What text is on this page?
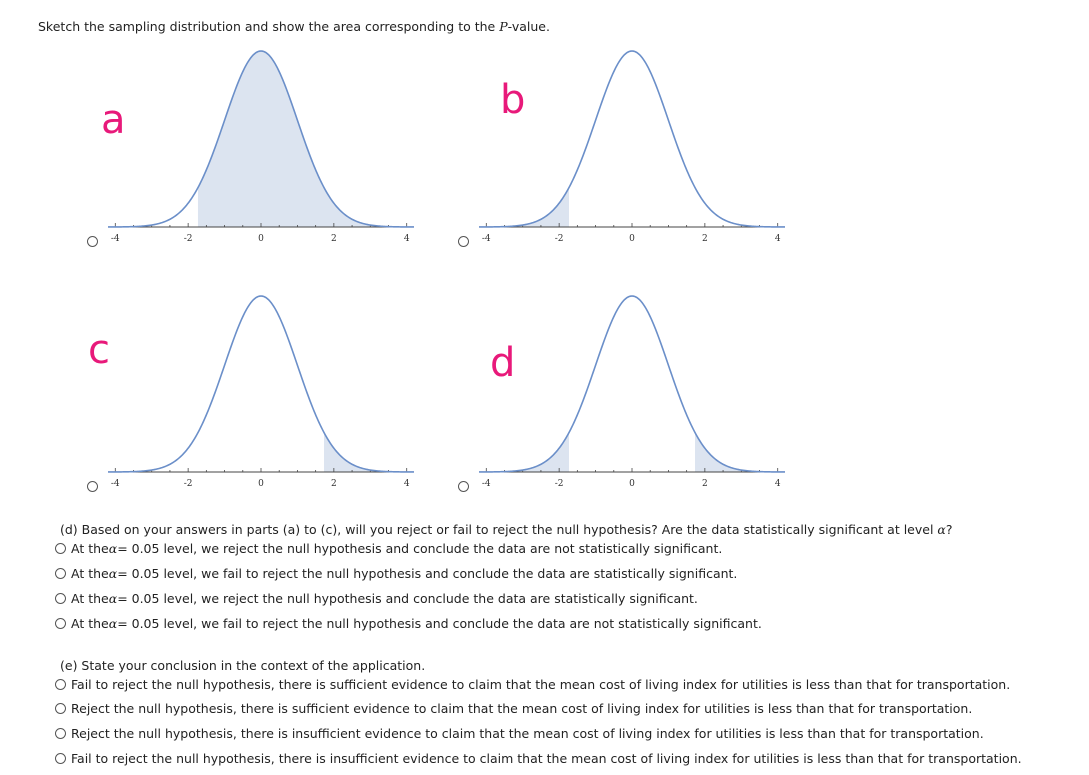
Sketch the sampling distribution and show the area corresponding to the P-value.
a
-4	-2	0	2	4
b
-4	-2	0	2	4
c
-4	-2	0	2	4
d
-4	-2	0	2	4
(d) Based on your answers in parts (a) to (c), will you reject or fail to reject the null hypothesis? Are the data statistically significant at level α?
At the α = 0.05 level, we reject the null hypothesis and conclude the data are not statistically significant.
At the α = 0.05 level, we fail to reject the null hypothesis and conclude the data are statistically significant.
At the α = 0.05 level, we reject the null hypothesis and conclude the data are statistically significant.
At the α = 0.05 level, we fail to reject the null hypothesis and conclude the data are not statistically significant.
(e) State your conclusion in the context of the application.
Fail to reject the null hypothesis, there is sufficient evidence to claim that the mean cost of living index for utilities is less than that for transportation.
Reject the null hypothesis, there is sufficient evidence to claim that the mean cost of living index for utilities is less than that for transportation.
Reject the null hypothesis, there is insufficient evidence to claim that the mean cost of living index for utilities is less than that for transportation.
Fail to reject the null hypothesis, there is insufficient evidence to claim that the mean cost of living index for utilities is less than that for transportation.
